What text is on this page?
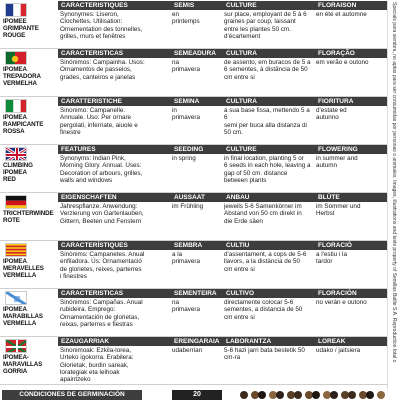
IPOMEE
GRIMPANTE
ROUGE
CARACTERISTIQUES
Synonymes: Liseron,
Clochettes. Utilisation:
Ornementation des tonnelles,
grilles, murs et fenêtres
SEMIS
en
printemps
CULTURE
sur place, employant de 5 à 6
graines par coup, laissant
entre les plantes 50 cm.
d'écartement
FLORAISON
en été et automne
IPOMEA
TREPADORA
VERMELHA
CARACTERISTICAS
Sinónimos: Campainha. Usos:
Ornamentos de passeios,
grades, canteiros e janelas
SEMEADURA
na
primavera
CULTURA
de assento, em buracos de 5 a
6 sementes, à distância de 50
cm entre si
FLORAÇÃO
em verão e outono
IPOMEA
RAMPICANTE
ROSSA
CARATTERISTICHE
Sinonimo: Campanelle.
Annuale. Uso: Per ornare
pergolati, inferriate, aiuole e
finestre
SEMINA
in
primavera
CULTURA
a sua base fissa, mettendo 5 a 6
semi per buca alla distanza di
50 cm.
FIORITURA
d'estate ed
autunno
CLIMBING
IPOMEA
RED
FEATURES
Synonyms: Indian Pink,
Morning Glory. Annual. Uses:
Decoration of arbours, grilles,
walls and windows
SEEDING
in spring
CULTURE
in final location, planting 5 or
6 seeds in each hole, leaving a
gap of 50 cm. distance
between plants
FLOWERING
in summer and
autumn
TRICHTERWINDE
ROTE
EIGENSCHAFTEN
Jahrespflanze. Anwendung:
Verzierung von Gartenlauben,
Gittern, Beeten und Fenstern
AUSSAAT
im Frühling
ANBAU
jeweils 5-6 Samenkörner im
Abstand von 50 cm direkt in
die Erde säen
BLÜTE
im Sommer und
Herbst
IPOMEA
MERAVELLES
VERMELLA
CARACTERÍSTIQUES
Sinònims: Campanetes. Anual
enfiladora. Ús: Ornamentació
de glorietes, reixes, parterres
i finestres
SEMBRA
a la
primavera
CULTIU
d'assentament, a cops de 5-6
llavors, a la distància de 50
cm entre si
FLORACIÓ
a l'estiu i la
tardor
IPOMEA
MARABILLAS
VERMELLA
CARACTERISTICAS
Sinónimos: Campañas. Anual
rubideira. Emprego:
Ornamentación de glorietas,
reixas, parterres e fiestras
SEMENTEIRA
na
primavera
CULTIVO
directamente colocar 5-6
sementes, a distancia de 50
cm entre si
FLORACIÓN
no verán e outono
IPOMEA-
MARAVILLAS
GORRIA
EZAUGARRIAK
Sinonimoak: Ezkila-lorea,
Urteko igokorra. Erabilera:
Glorietak, burdin sareak,
lorategiak eta leihoak
apaintzeko
EREINGARAIA
udaberrian
LABORANTZA
5-6 hazi jarri bata bestetik 50
cm-ra
LOREAK
udako / jaitsiera	Specials para siembra, no aptas para ser consumidas por personas o animales. Images, illustrations and texts property of Semillas Batlle S.A. Reproduction total o
CONDICIONES DE GERMINACIÓN	20
